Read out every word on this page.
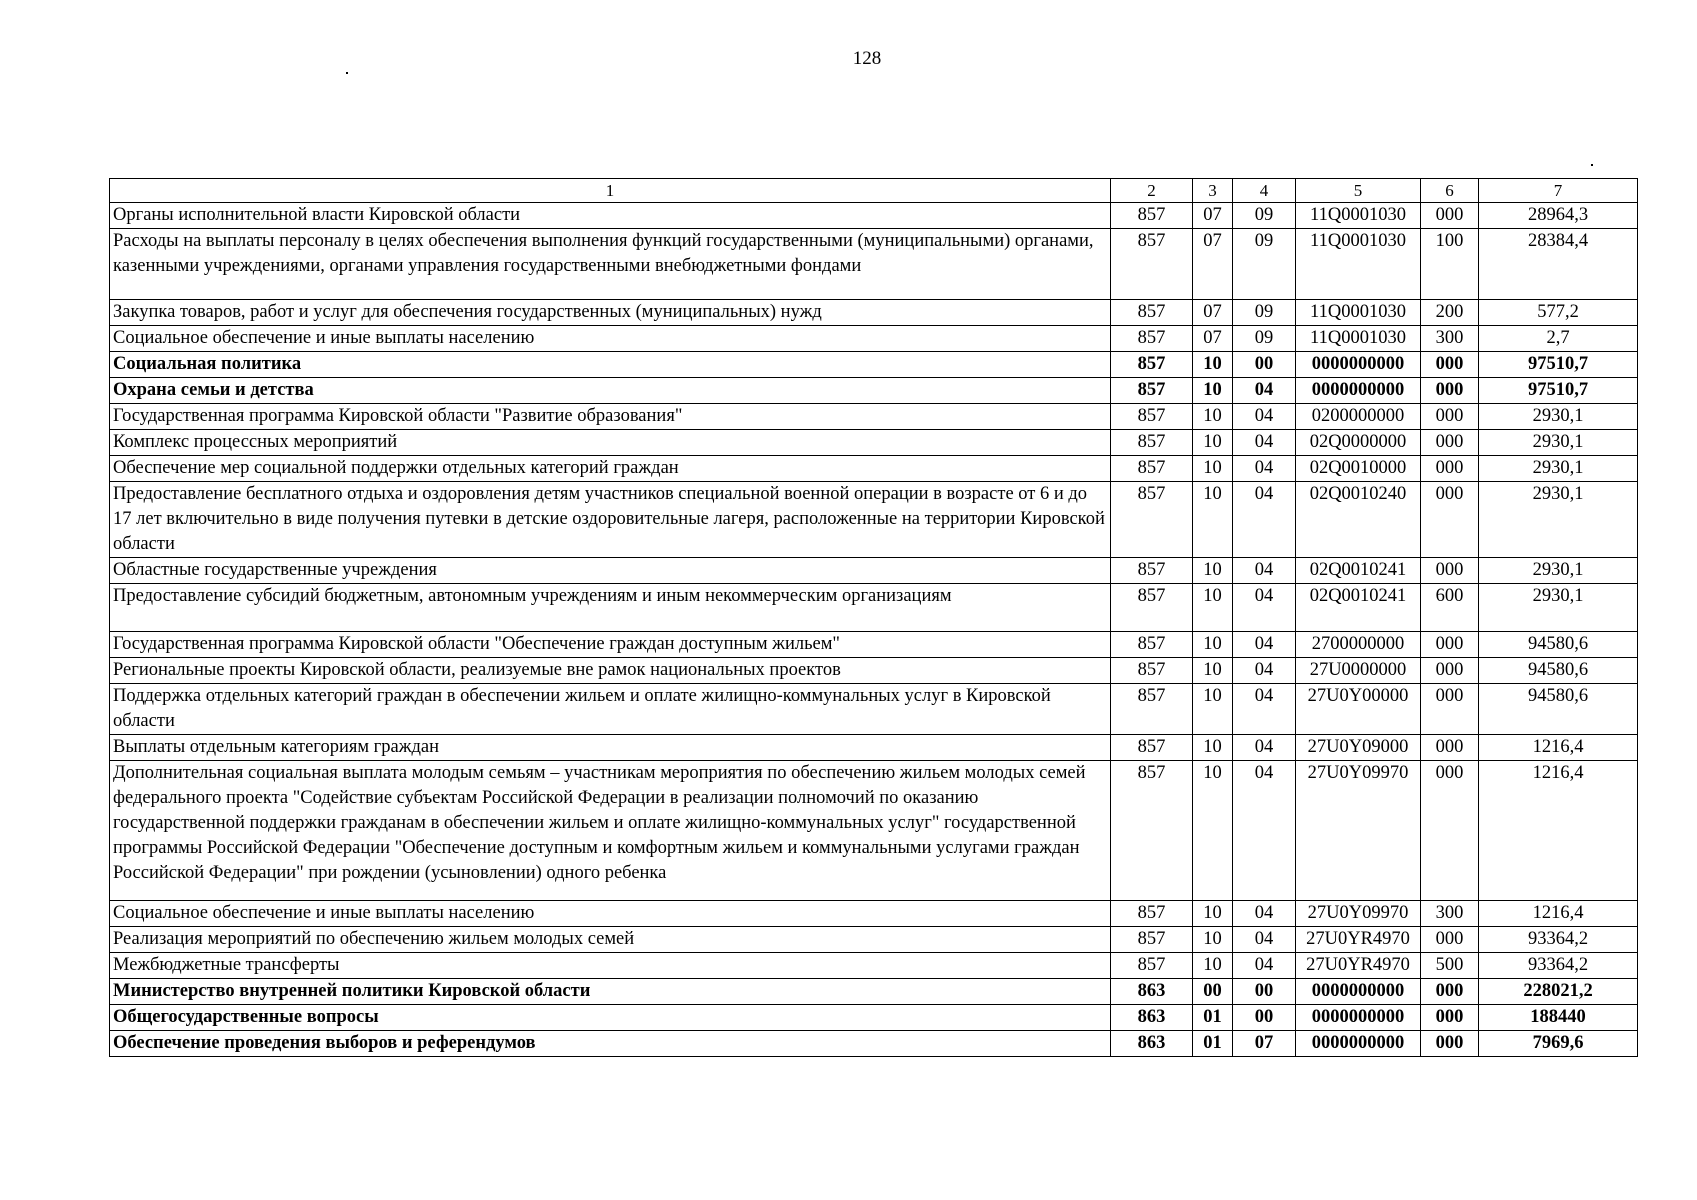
128
1	2	3	4	5	6	7
Органы исполнительной власти Кировской области	857	07	09	11Q0001030	000	28964,3
Расходы на выплаты персоналу в целях обеспечения выполнения функций государственными (муниципальными) органами, казенными учреждениями, органами управления государственными внебюджетными фондами	857	07	09	11Q0001030	100	28384,4
Закупка товаров, работ и услуг для обеспечения государственных (муниципальных) нужд	857	07	09	11Q0001030	200	577,2
Социальное обеспечение и иные выплаты населению	857	07	09	11Q0001030	300	2,7
Социальная политика	857	10	00	0000000000	000	97510,7
Охрана семьи и детства	857	10	04	0000000000	000	97510,7
Государственная программа Кировской области "Развитие образования"	857	10	04	0200000000	000	2930,1
Комплекс процессных мероприятий	857	10	04	02Q0000000	000	2930,1
Обеспечение мер социальной поддержки отдельных категорий граждан	857	10	04	02Q0010000	000	2930,1
Предоставление бесплатного отдыха и оздоровления детям участников специальной военной операции в возрасте от 6 и до 17 лет включительно в виде получения путевки в детские оздоровительные лагеря, расположенные на территории Кировской области	857	10	04	02Q0010240	000	2930,1
Областные государственные учреждения	857	10	04	02Q0010241	000	2930,1
Предоставление субсидий бюджетным, автономным учреждениям и иным некоммерческим организациям	857	10	04	02Q0010241	600	2930,1
Государственная программа Кировской области "Обеспечение граждан доступным жильем"	857	10	04	2700000000	000	94580,6
Региональные проекты Кировской области, реализуемые вне рамок национальных проектов	857	10	04	27U0000000	000	94580,6
Поддержка отдельных категорий граждан в обеспечении жильем и оплате жилищно-коммунальных услуг в Кировской области	857	10	04	27U0Y00000	000	94580,6
Выплаты отдельным категориям граждан	857	10	04	27U0Y09000	000	1216,4
Дополнительная социальная выплата молодым семьям – участникам мероприятия по обеспечению жильем молодых семей федерального проекта "Содействие субъектам Российской Федерации в реализации полномочий по оказанию государственной поддержки гражданам в обеспечении жильем и оплате жилищно-коммунальных услуг" государственной программы Российской Федерации "Обеспечение доступным и комфортным жильем и коммунальными услугами граждан Российской Федерации" при рождении (усыновлении) одного ребенка	857	10	04	27U0Y09970	000	1216,4
Социальное обеспечение и иные выплаты населению	857	10	04	27U0Y09970	300	1216,4
Реализация мероприятий по обеспечению жильем молодых семей	857	10	04	27U0YR4970	000	93364,2
Межбюджетные трансферты	857	10	04	27U0YR4970	500	93364,2
Министерство внутренней политики Кировской области	863	00	00	0000000000	000	228021,2
Общегосударственные вопросы	863	01	00	0000000000	000	188440
Обеспечение проведения выборов и референдумов	863	01	07	0000000000	000	7969,6
